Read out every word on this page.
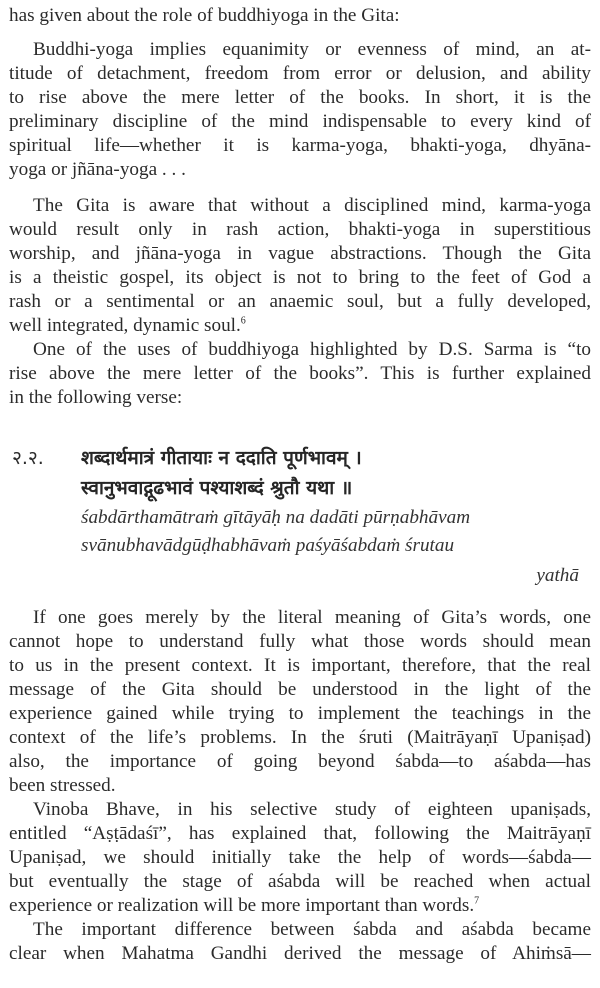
has given about the role of buddhiyoga in the Gita:
Buddhi-yoga implies equanimity or evenness of mind, an at-
titude of detachment, freedom from error or delusion, and ability
to rise above the mere letter of the books. In short, it is the
preliminary discipline of the mind indispensable to every kind of
spiritual life—whether it is karma-yoga, bhakti-yoga, dhyāna-
yoga or jñāna-yoga . . .
The Gita is aware that without a disciplined mind, karma-yoga
would result only in rash action, bhakti-yoga in superstitious
worship, and jñāna-yoga in vague abstractions. Though the Gita
is a theistic gospel, its object is not to bring to the feet of God a
rash or a sentimental or an anaemic soul, but a fully developed,
well integrated, dynamic soul.$^6$
One of the uses of buddhiyoga highlighted by D.S. Sarma is “to
rise above the mere letter of the books”. This is further explained
in the following verse:
२.२. शब्दार्थमात्रं गीतायाः न ददाति पूर्णभावम् ।
स्वानुभवाद्गूढभावं पश्याशब्दं श्रुतौ यथा ॥
śabdārthamātraṁ gītāyāḥ na dadāti pūrṇabhāvam
svānubhavādgūḍhabhāvaṁ paśyāśabdaṁ śrutau
yathā
If one goes merely by the literal meaning of Gita’s words, one
cannot hope to understand fully what those words should mean
to us in the present context. It is important, therefore, that the real
message of the Gita should be understood in the light of the
experience gained while trying to implement the teachings in the
context of the life’s problems. In the śruti (Maitrāyaṇī Upaniṣad)
also, the importance of going beyond śabda—to aśabda—has
been stressed.
Vinoba Bhave, in his selective study of eighteen upaniṣads,
entitled “Aṣṭādaśī”, has explained that, following the Maitrāyaṇī
Upaniṣad, we should initially take the help of words—śabda—
but eventually the stage of aśabda will be reached when actual
experience or realization will be more important than words.$^7$
The important difference between śabda and aśabda became
clear when Mahatma Gandhi derived the message of Ahiṁsā—
